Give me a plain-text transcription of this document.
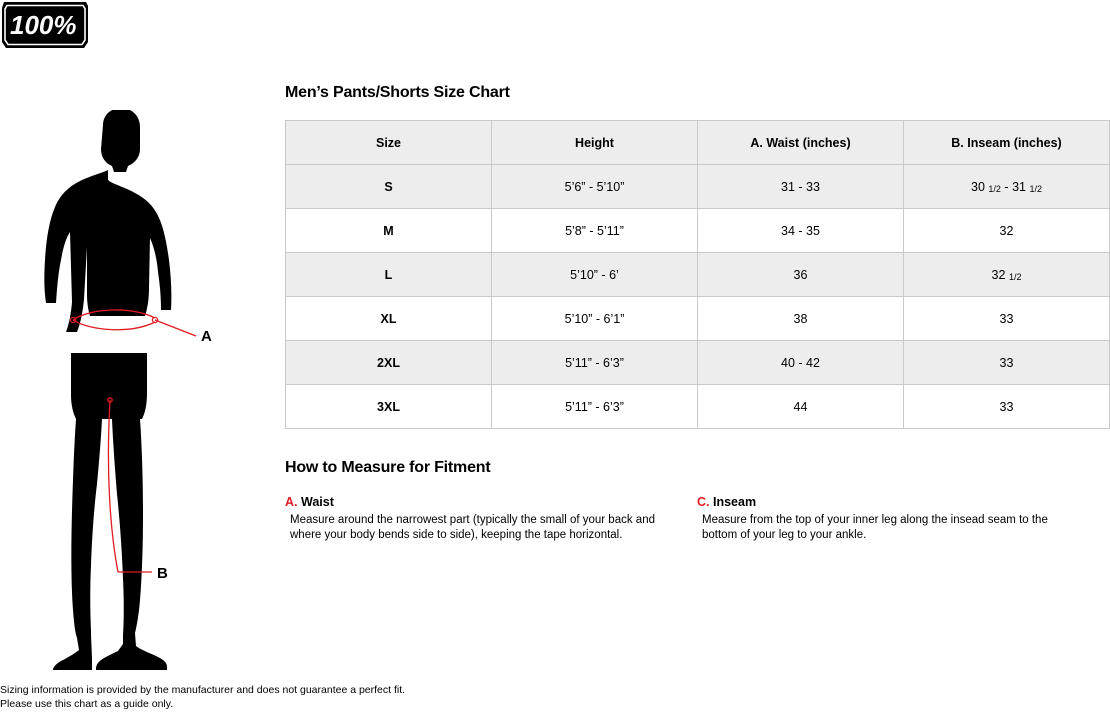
100%
A
B
Men’s Pants/Shorts Size Chart
Size	Height	A. Waist (inches)	B. Inseam (inches)
S	5’6” - 5’10”	31 - 33	30 1/2 - 31 1/2
M	5’8” - 5’11”	34 - 35	32
L	5’10” - 6’	36	32 1/2
XL	5’10” - 6’1”	38	33
2XL	5’11” - 6’3”	40 - 42	33
3XL	5’11” - 6’3”	44	33
How to Measure for Fitment
A. Waist
Measure around the narrowest part (typically the small of your back and where your body bends side to side), keeping the tape horizontal.
C. Inseam
Measure from the top of your inner leg along the insead seam to the bottom of your leg to your ankle.
Sizing information is provided by the manufacturer and does not guarantee a perfect fit.
Please use this chart as a guide only.
